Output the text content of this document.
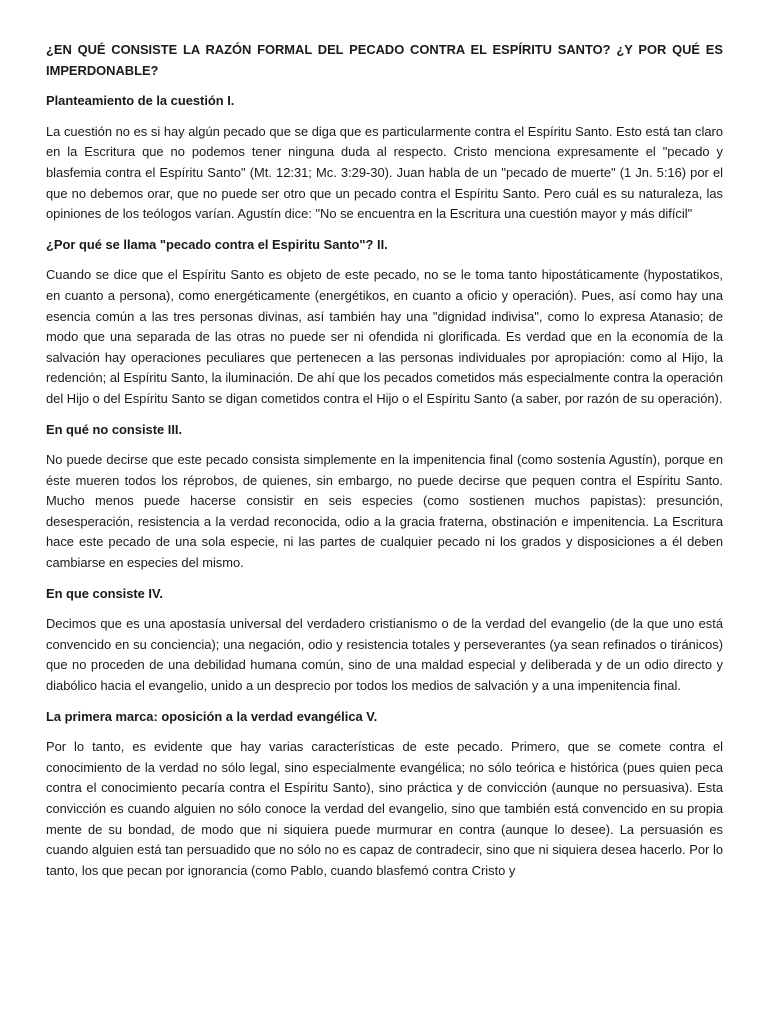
¿EN QUÉ CONSISTE LA RAZÓN FORMAL DEL PECADO CONTRA EL ESPÍRITU SANTO? ¿Y POR QUÉ ES IMPERDONABLE?
Planteamiento de la cuestión I.
La cuestión no es si hay algún pecado que se diga que es particularmente contra el Espíritu Santo. Esto está tan claro en la Escritura que no podemos tener ninguna duda al respecto. Cristo menciona expresamente el "pecado y blasfemia contra el Espíritu Santo" (Mt. 12:31; Mc. 3:29-30). Juan habla de un "pecado de muerte" (1 Jn. 5:16) por el que no debemos orar, que no puede ser otro que un pecado contra el Espíritu Santo. Pero cuál es su naturaleza, las opiniones de los teólogos varían. Agustín dice: "No se encuentra en la Escritura una cuestión mayor y más difícil"
¿Por qué se llama "pecado contra el Espiritu Santo"? II.
Cuando se dice que el Espíritu Santo es objeto de este pecado, no se le toma tanto hipostáticamente (hypostatikos, en cuanto a persona), como energéticamente (energétikos, en cuanto a oficio y operación). Pues, así como hay una esencia común a las tres personas divinas, así también hay una "dignidad indivisa", como lo expresa Atanasio; de modo que una separada de las otras no puede ser ni ofendida ni glorificada. Es verdad que en la economía de la salvación hay operaciones peculiares que pertenecen a las personas individuales por apropiación: como al Hijo, la redención; al Espíritu Santo, la iluminación. De ahí que los pecados cometidos más especialmente contra la operación del Hijo o del Espíritu Santo se digan cometidos contra el Hijo o el Espíritu Santo (a saber, por razón de su operación).
En qué no consiste III.
No puede decirse que este pecado consista simplemente en la impenitencia final (como sostenía Agustín), porque en éste mueren todos los réprobos, de quienes, sin embargo, no puede decirse que pequen contra el Espíritu Santo. Mucho menos puede hacerse consistir en seis especies (como sostienen muchos papistas): presunción, desesperación, resistencia a la verdad reconocida, odio a la gracia fraterna, obstinación e impenitencia. La Escritura hace este pecado de una sola especie, ni las partes de cualquier pecado ni los grados y disposiciones a él deben cambiarse en especies del mismo.
En que consiste IV.
Decimos que es una apostasía universal del verdadero cristianismo o de la verdad del evangelio (de la que uno está convencido en su conciencia); una negación, odio y resistencia totales y perseverantes (ya sean refinados o tiránicos) que no proceden de una debilidad humana común, sino de una maldad especial y deliberada y de un odio directo y diabólico hacia el evangelio, unido a un desprecio por todos los medios de salvación y a una impenitencia final.
La primera marca: oposición a la verdad evangélica V.
Por lo tanto, es evidente que hay varias características de este pecado. Primero, que se comete contra el conocimiento de la verdad no sólo legal, sino especialmente evangélica; no sólo teórica e histórica (pues quien peca contra el conocimiento pecaría contra el Espíritu Santo), sino práctica y de convicción (aunque no persuasiva). Esta convicción es cuando alguien no sólo conoce la verdad del evangelio, sino que también está convencido en su propia mente de su bondad, de modo que ni siquiera puede murmurar en contra (aunque lo desee). La persuasión es cuando alguien está tan persuadido que no sólo no es capaz de contradecir, sino que ni siquiera desea hacerlo. Por lo tanto, los que pecan por ignorancia (como Pablo, cuando blasfemó contra Cristo y
